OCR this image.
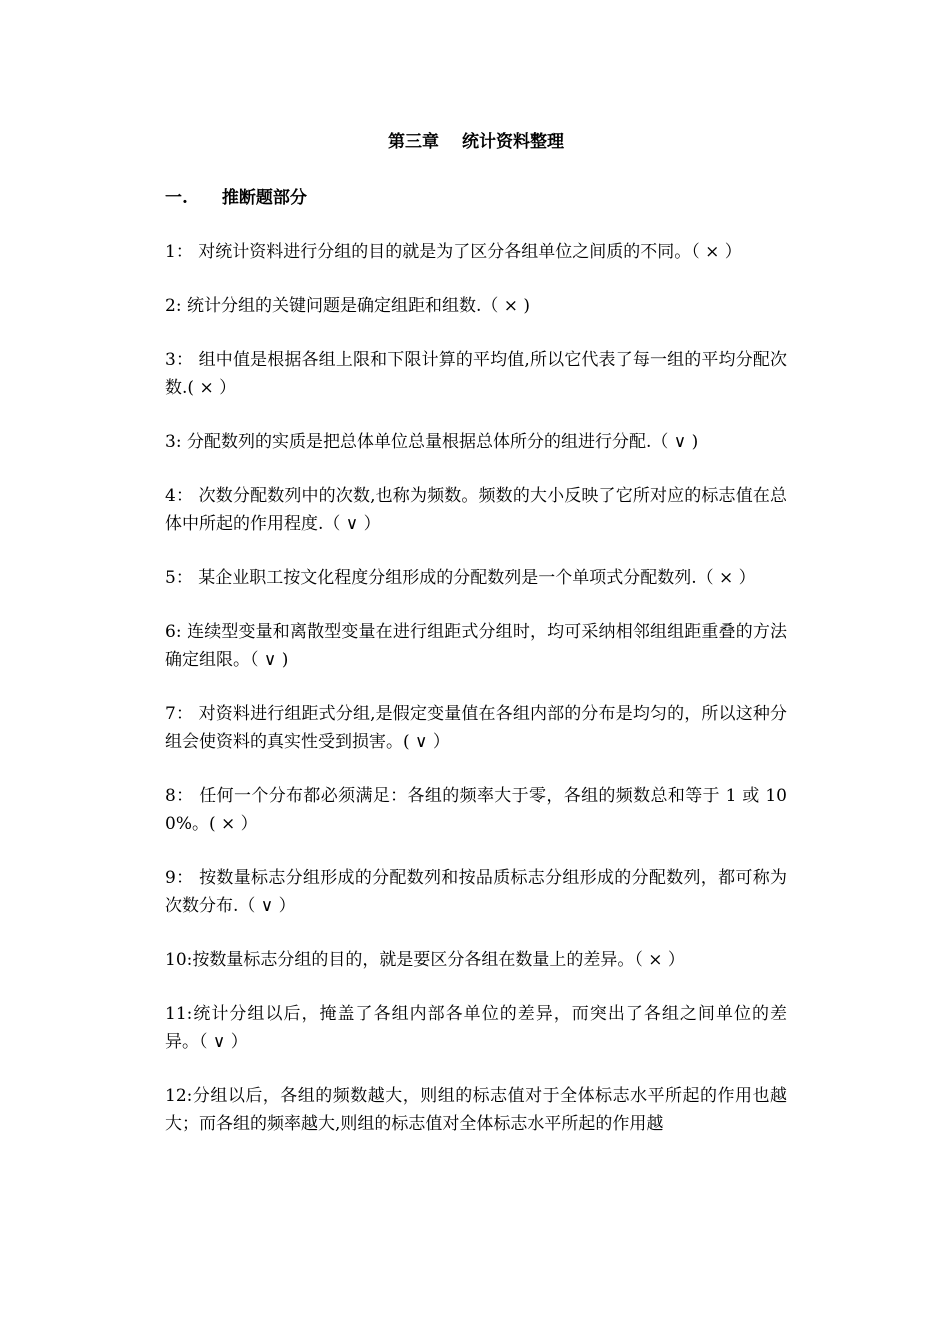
第三章　 统计资料整理
一.　　推断题部分
1： 对统计资料进行分组的目的就是为了区分各组单位之间质的不同。（ × ）
2: 统计分组的关键问题是确定组距和组数.（ × )
3： 组中值是根据各组上限和下限计算的平均值,所以它代表了每一组的平均分配次数.( × ）
3: 分配数列的实质是把总体单位总量根据总体所分的组进行分配.（ ∨ )
4： 次数分配数列中的次数,也称为频数。频数的大小反映了它所对应的标志值在总体中所起的作用程度.（ ∨ ）
5： 某企业职工按文化程度分组形成的分配数列是一个单项式分配数列.（ × ）
6: 连续型变量和离散型变量在进行组距式分组时，均可采纳相邻组组距重叠的方法确定组限。（ ∨ )
7： 对资料进行组距式分组,是假定变量值在各组内部的分布是均匀的，所以这种分组会使资料的真实性受到损害。( ∨ ）
8： 任何一个分布都必须满足：各组的频率大于零，各组的频数总和等于 1 或 100%。( × ）
9： 按数量标志分组形成的分配数列和按品质标志分组形成的分配数列，都可称为次数分布.（ ∨ ）
10:按数量标志分组的目的，就是要区分各组在数量上的差异。（ × ）
11:统计分组以后，掩盖了各组内部各单位的差异，而突出了各组之间单位的差异。（ ∨ ）
12:分组以后，各组的频数越大，则组的标志值对于全体标志水平所起的作用也越大；而各组的频率越大,则组的标志值对全体标志水平所起的作用越
